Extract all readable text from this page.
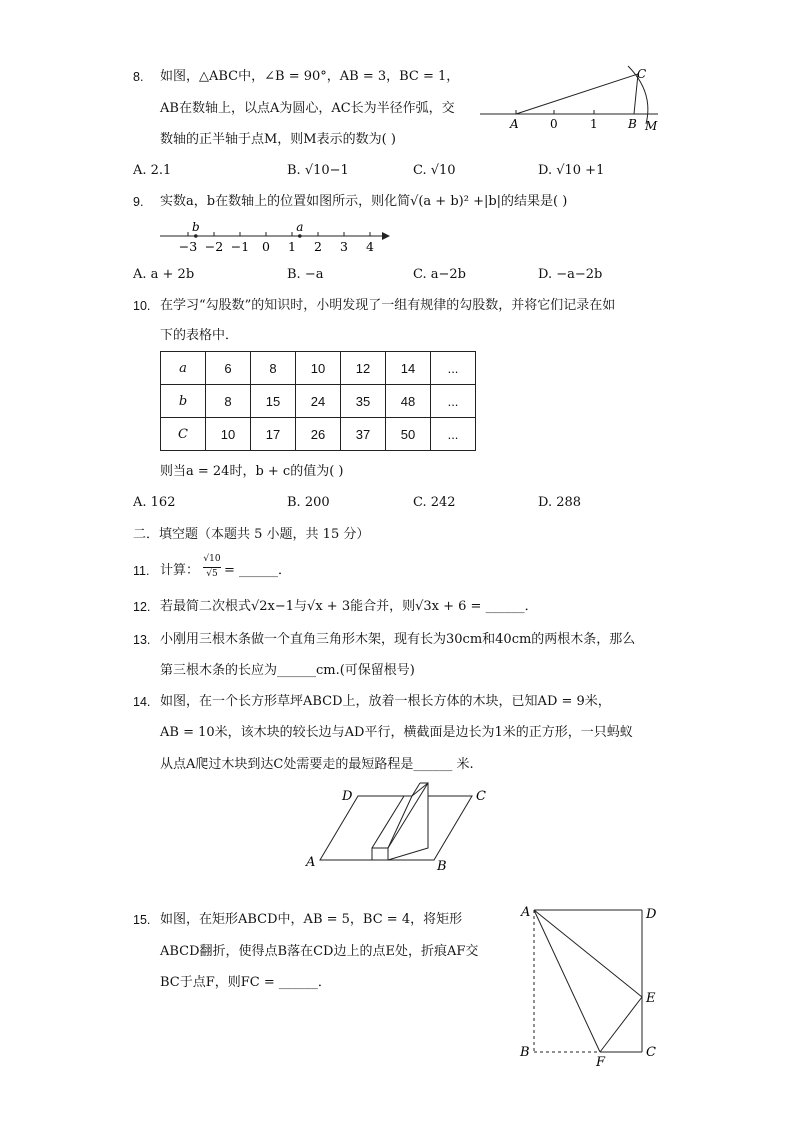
8. 如图，△ABC中，∠B = 90°，AB = 3，BC = 1，
AB在数轴上，以点A为圆心，AC长为半径作弧，交
数轴的正半轴于点M，则M表示的数为( )
A	0	1	B
C
M
A. 2.1	B. √10−1	C. √10	D. √10 +1
9. 实数a，b在数轴上的位置如图所示，则化简√(a + b)² +|b|的结果是( )
−3 −2 −1 0 1 2 3 4
b	a
A. a + 2b	B. −a	C. a−2b	D. −a−2b
10. 在学习“勾股数”的知识时，小明发现了一组有规律的勾股数，并将它们记录在如
下的表格中．
a	6	8	10	12	14	...
b	8	15	24	35	48	...
C	10	17	26	37	50	...
则当a = 24时，b + c的值为( )
A. 162	B. 200	C. 242	D. 288
二．填空题（本题共 5 小题，共 15 分）
11. 计算：
√10
√5 = ______．
12. 若最简二次根式√2x−1与√x + 3能合并，则√3x + 6 = ______．
13. 小刚用三根木条做一个直角三角形木架，现有长为30cm和40cm的两根木条，那么
第三根木条的长应为______cm.(可保留根号)
14. 如图，在一个长方形草坪ABCD上，放着一根长方体的木块，已知AD = 9米，
AB = 10米，该木块的较长边与AD平行，横截面是边长为1米的正方形，一只蚂蚁
从点A爬过木块到达C处需要走的最短路程是______ 米.
D	C
A	B
15. 如图，在矩形ABCD中，AB = 5，BC = 4，将矩形
ABCD翻折，使得点B落在CD边上的点E处，折痕AF交
BC于点F，则FC = ______．
A	D
E
B
F
C
